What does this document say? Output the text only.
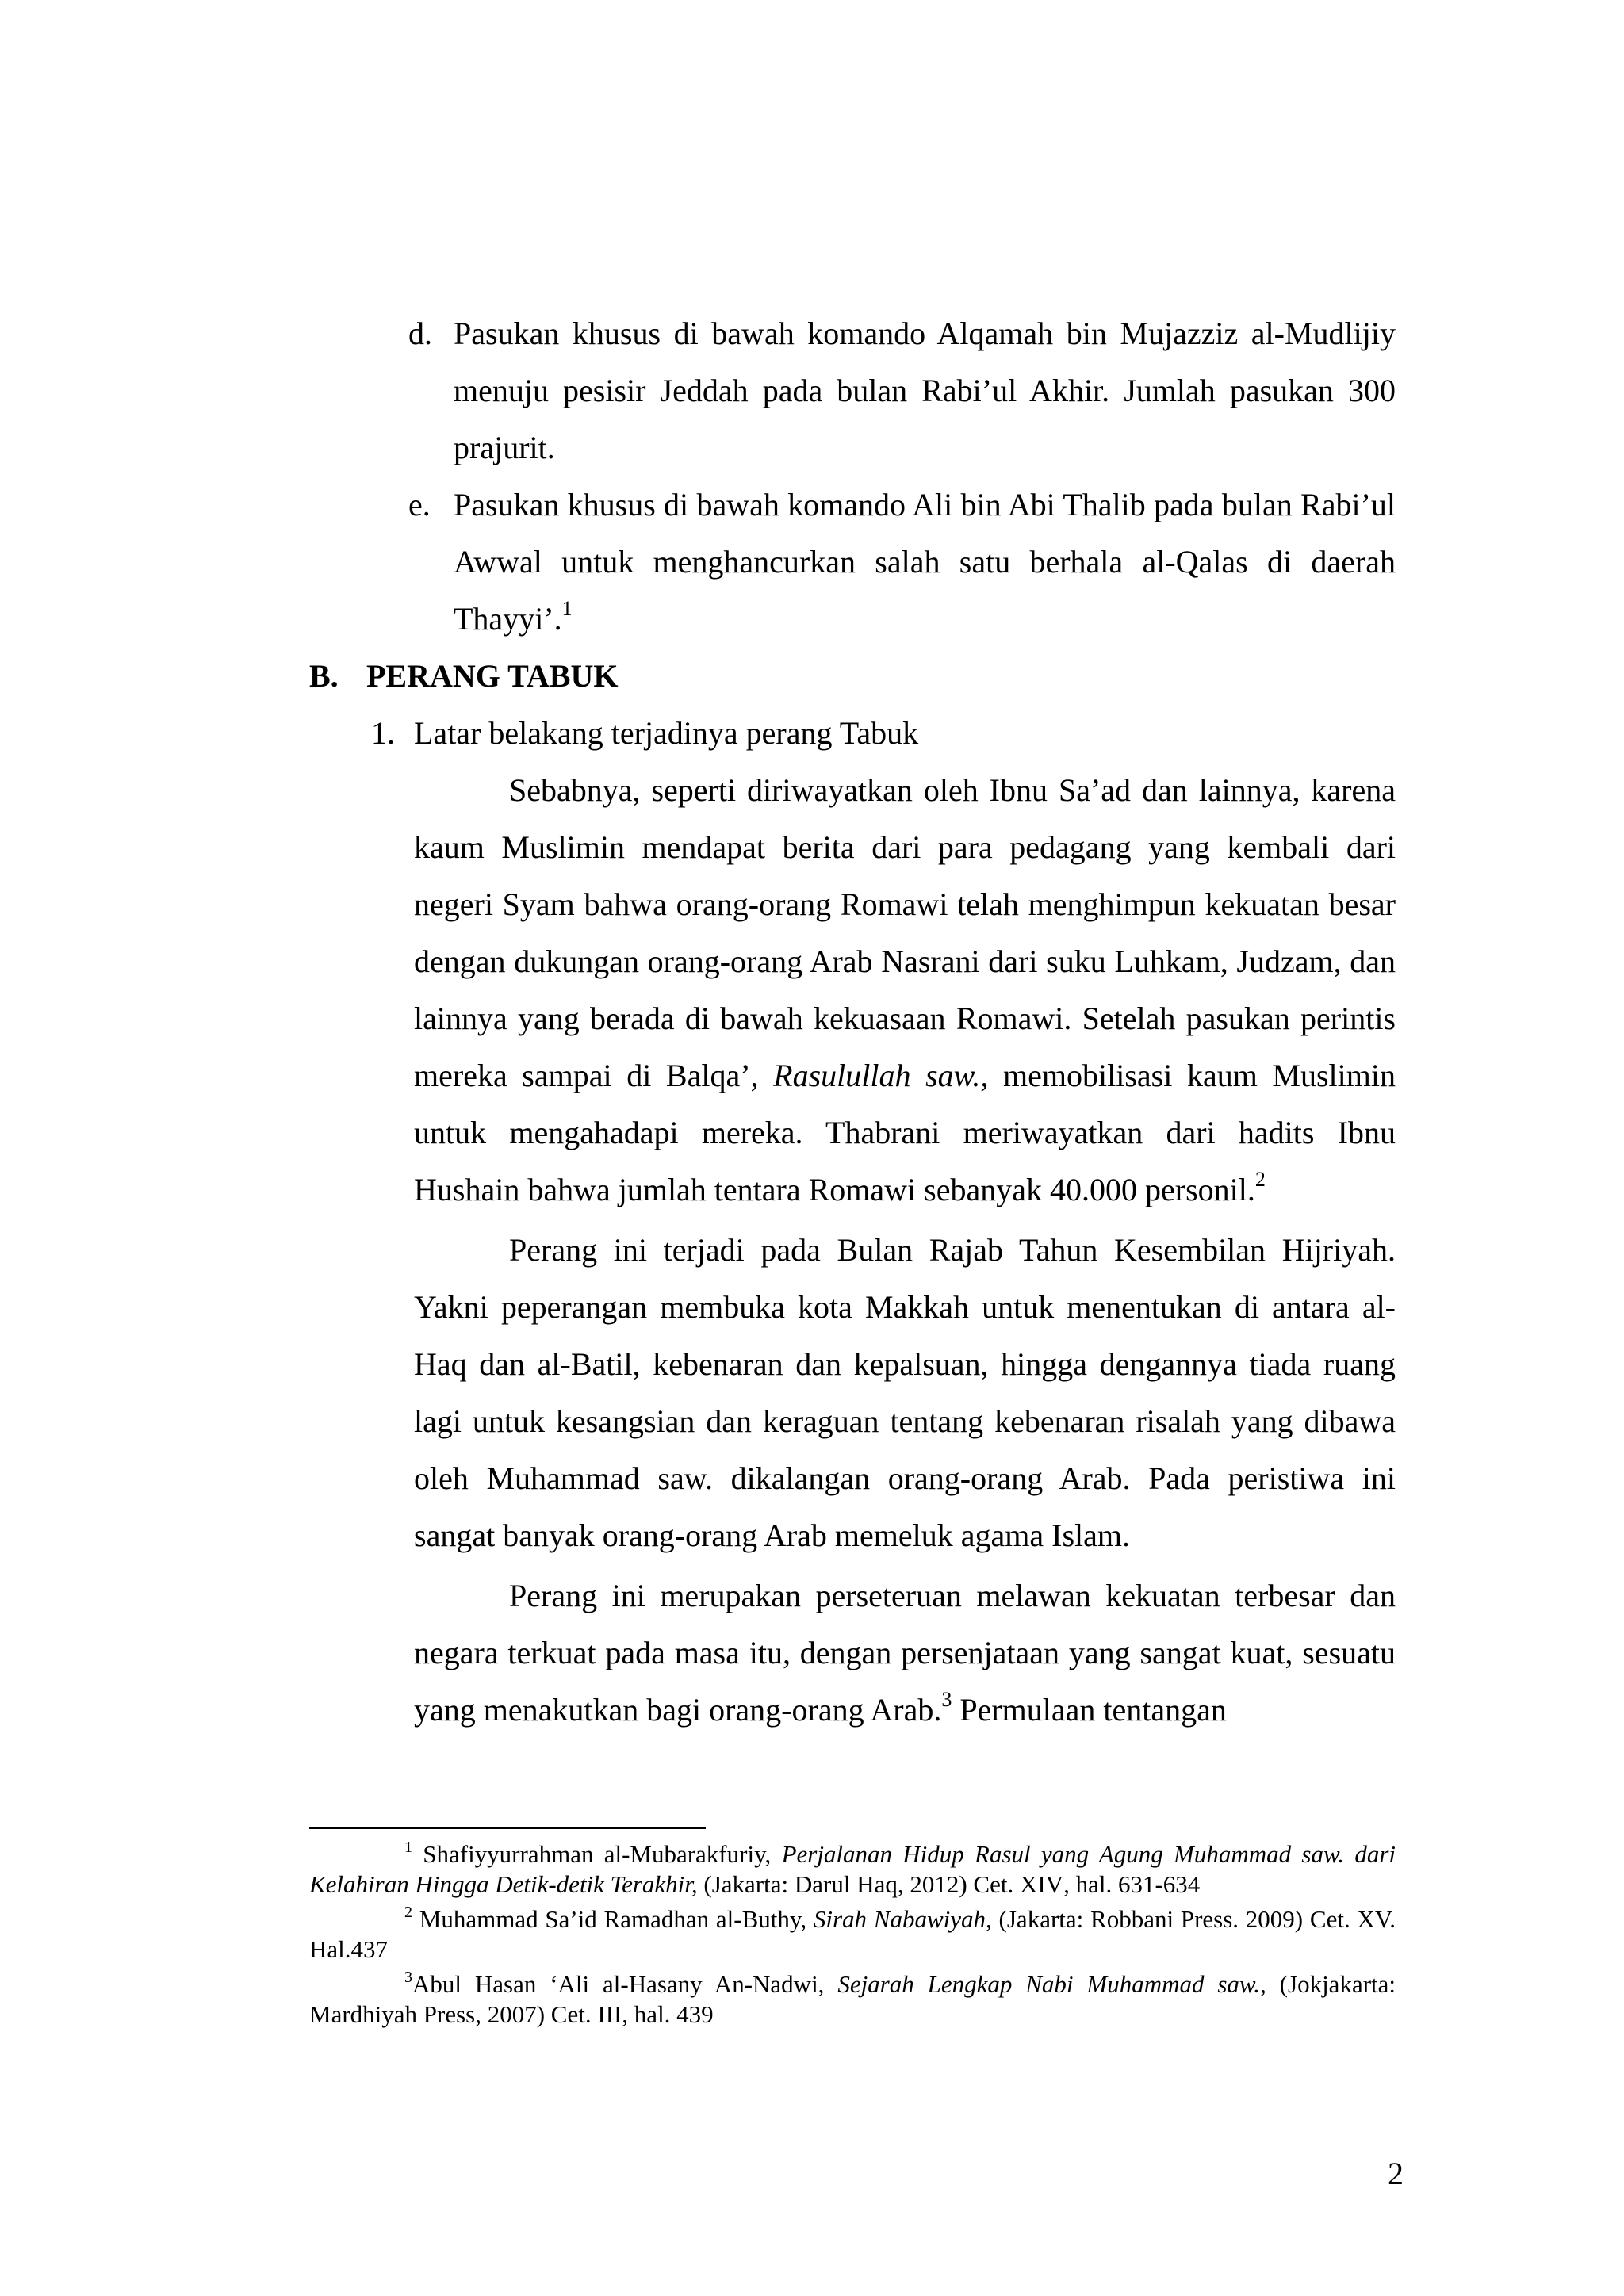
d. Pasukan khusus di bawah komando Alqamah bin Mujazziz al-Mudlijiy menuju pesisir Jeddah pada bulan Rabi’ul Akhir. Jumlah pasukan 300 prajurit.
e. Pasukan khusus di bawah komando Ali bin Abi Thalib pada bulan Rabi’ul Awwal untuk menghancurkan salah satu berhala al-Qalas di daerah Thayyi’.$^1$
B. PERANG TABUK
1. Latar belakang terjadinya perang Tabuk

Sebabnya, seperti diriwayatkan oleh Ibnu Sa’ad dan lainnya, karena kaum Muslimin mendapat berita dari para pedagang yang kembali dari negeri Syam bahwa orang-orang Romawi telah menghimpun kekuatan besar dengan dukungan orang-orang Arab Nasrani dari suku Luhkam, Judzam, dan lainnya yang berada di bawah kekuasaan Romawi. Setelah pasukan perintis mereka sampai di Balqa’, Rasulullah saw., memobilisasi kaum Muslimin untuk mengahadapi mereka. Thabrani meriwayatkan dari hadits Ibnu Hushain bahwa jumlah tentara Romawi sebanyak 40.000 personil.$^2$

Perang ini terjadi pada Bulan Rajab Tahun Kesembilan Hijriyah. Yakni peperangan membuka kota Makkah untuk menentukan di antara al-Haq dan al-Batil, kebenaran dan kepalsuan, hingga dengannya tiada ruang lagi untuk kesangsian dan keraguan tentang kebenaran risalah yang dibawa oleh Muhammad saw. dikalangan orang-orang Arab. Pada peristiwa ini sangat banyak orang-orang Arab memeluk agama Islam.

Perang ini merupakan perseteruan melawan kekuatan terbesar dan negara terkuat pada masa itu, dengan persenjataan yang sangat kuat, sesuatu yang menakutkan bagi orang-orang Arab.$^3$ Permulaan tentangan

$^1$ Shafiyyurrahman al-Mubarakfuriy, Perjalanan Hidup Rasul yang Agung Muhammad saw. dari Kelahiran Hingga Detik-detik Terakhir, (Jakarta: Darul Haq, 2012) Cet. XIV, hal. 631-634
$^2$ Muhammad Sa’id Ramadhan al-Buthy, Sirah Nabawiyah, (Jakarta: Robbani Press. 2009) Cet. XV. Hal.437
$^3$Abul Hasan ‘Ali al-Hasany An-Nadwi, Sejarah Lengkap Nabi Muhammad saw., (Jokjakarta: Mardhiyah Press, 2007) Cet. III, hal. 439
2
